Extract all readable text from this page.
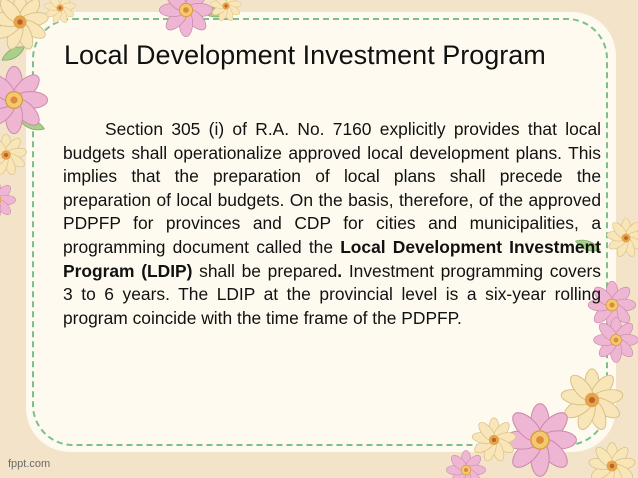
Local Development Investment Program

Section 305 (i) of R.A. No. 7160 explicitly provides that local budgets shall operationalize approved local development plans. This implies that the preparation of local plans shall precede the preparation of local budgets. On the basis, therefore, of the approved PDPFP for provinces and CDP for cities and municipalities, a programming document called the Local Development Investment Program (LDIP) shall be prepared. Investment programming covers 3 to 6 years. The LDIP at the provincial level is a six-year rolling program coincide with the time frame of the PDPFP.

fppt.com
